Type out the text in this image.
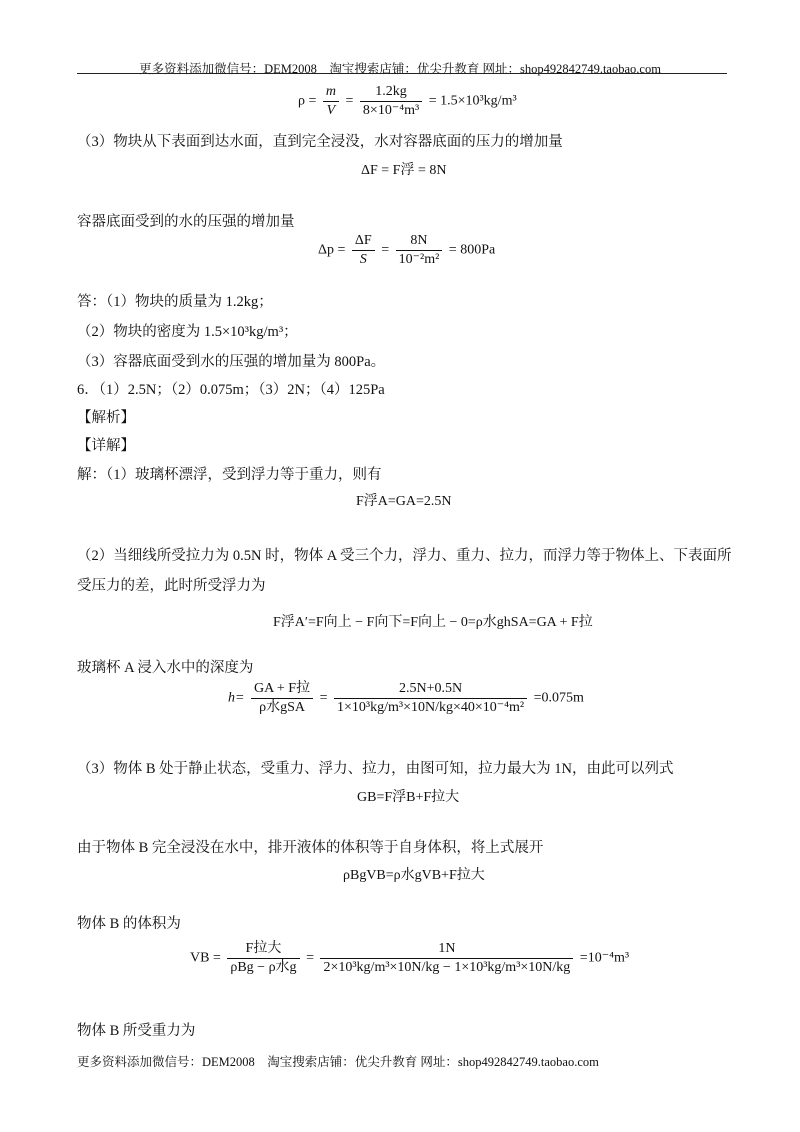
更多资料添加微信号：DEM2008　淘宝搜索店铺：优尖升教育 网址：shop492842749.taobao.com
$\rho = \frac{m}{V} = \frac{1.2kg}{\text{8×10⁻⁴m³}} = 1.5\times 10^3kg/m^3$
（3）物块从下表面到达水面，直到完全浸没，水对容器底面的压力的增加量
ΔF = F浮 = 8N
容器底面受到的水的压强的增加量
$\Delta p = \frac{\Delta F}{S} = \frac{8N}{\text{10⁻²m²}} = 800Pa$
答：（1）物块的质量为 1.2kg；
（2）物块的密度为 1.5×10³kg/m³；
（3）容器底面受到水的压强的增加量为 800Pa。
6．（1）2.5N；（2）0.075m；（3）2N；（4）125Pa
【解析】
【详解】
解：（1）玻璃杯漂浮，受到浮力等于重力，则有
F浮A=GA=2.5N
（2）当细线所受拉力为 0.5N 时，物体 A 受三个力，浮力、重力、拉力，而浮力等于物体上、下表面所
受压力的差，此时所受浮力为
F浮A′=F向上 − F向下=F向上 − 0=ρ水ghSA=GA + F拉
玻璃杯 A 浸入水中的深度为
$h= \frac{\text{GA + F拉}}{\text{ρ水gSA}} = \frac{2.5N+0.5N}{\text{1×10³kg/m³×10N/kg×40×10⁻⁴m²}} =0.075m$
（3）物体 B 处于静止状态，受重力、浮力、拉力，由图可知，拉力最大为 1N，由此可以列式
GB=F浮B+F拉大
由于物体 B 完全浸没在水中，排开液体的体积等于自身体积，将上式展开
ρBgVB=ρ水gVB+F拉大
物体 B 的体积为
VB = $\frac{\text{F拉大}}{\text{ρBg − ρ水g}} = \frac{1N}{\text{2×10³kg/m³×10N/kg − 1×10³kg/m³×10N/kg}} =10^{-4}m^3$
物体 B 所受重力为
更多资料添加微信号：DEM2008　淘宝搜索店铺：优尖升教育 网址：shop492842749.taobao.com
